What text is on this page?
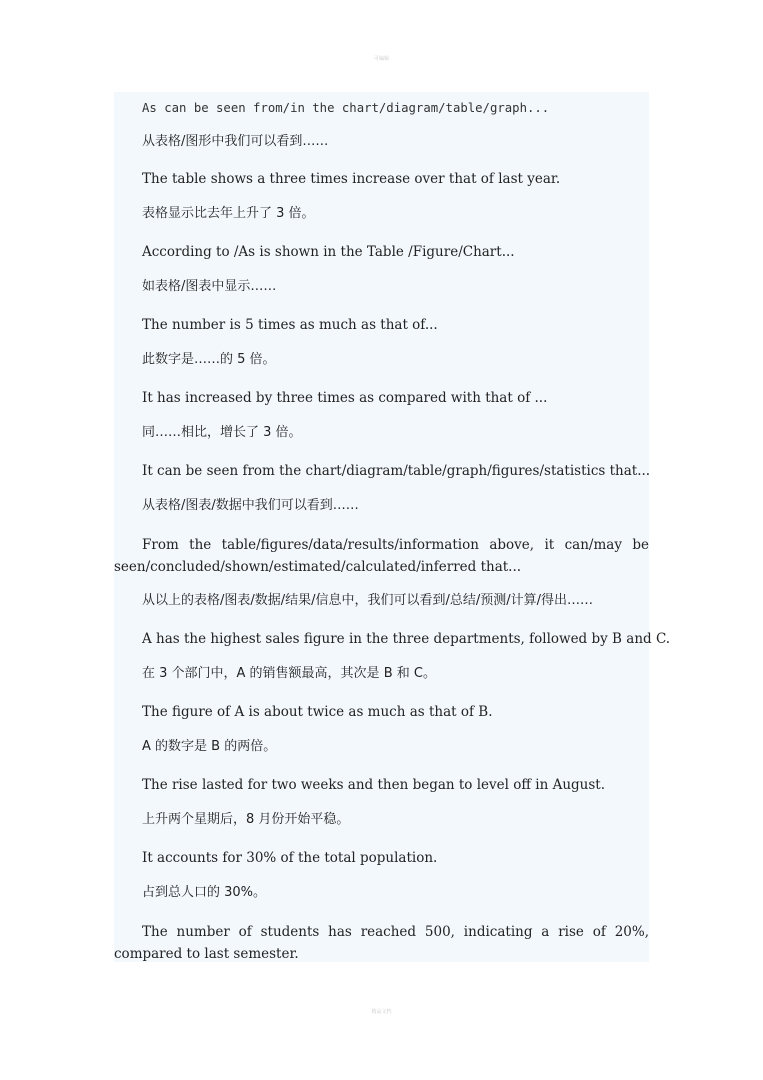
可编辑
As can be seen from/in the chart/diagram/table/graph...
从表格/图形中我们可以看到……
The table shows a three times increase over that of last year.
表格显示比去年上升了 3 倍。
According to /As is shown in the Table /Figure/Chart...
如表格/图表中显示……
The number is 5 times as much as that of...
此数字是……的 5 倍。
It has increased by three times as compared with that of ...
同……相比，增长了 3 倍。
It can be seen from the chart/diagram/table/graph/figures/statistics that...
从表格/图表/数据中我们可以看到……
From the table/figures/data/results/information above, it can/may be seen/concluded/shown/estimated/calculated/inferred that...
从以上的表格/图表/数据/结果/信息中，我们可以看到/总结/预测/计算/得出……
A has the highest sales figure in the three departments, followed by B and C.
在 3 个部门中，A 的销售额最高，其次是 B 和 C。
The figure of A is about twice as much as that of B.
A 的数字是 B 的两倍。
The rise lasted for two weeks and then began to level off in August.
上升两个星期后，8 月份开始平稳。
It accounts for 30% of the total population.
占到总人口的 30%。
The number of students has reached 500, indicating a rise of 20%, compared to last semester.
精品文档
